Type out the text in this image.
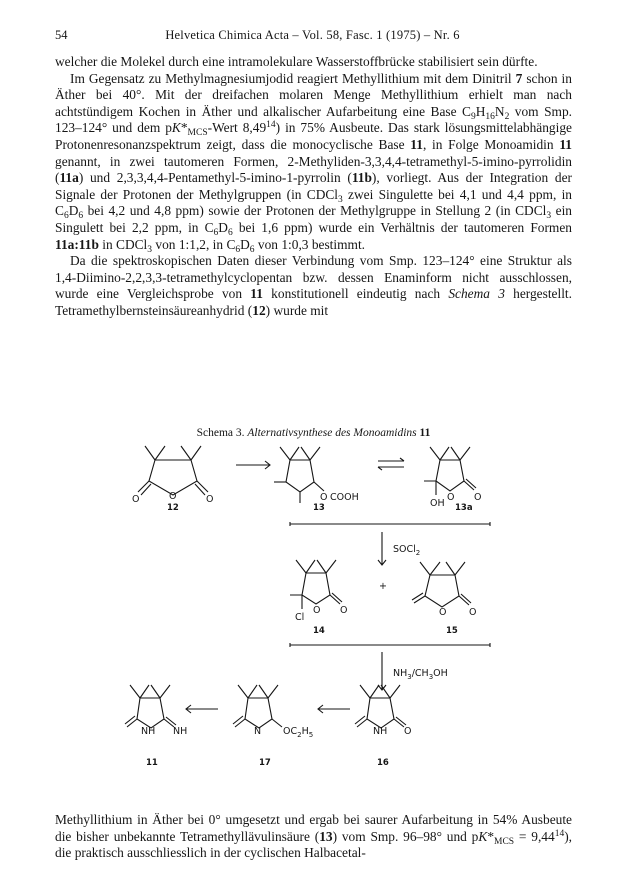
54	Helvetica Chimica Acta – Vol. 58, Fasc. 1 (1975) – Nr. 6

welcher die Molekel durch eine intramolekulare Wasserstoffbrücke stabilisiert sein dürfte.

Im Gegensatz zu Methylmagnesiumjodid reagiert Methyllithium mit dem Dinitril 7 schon in Äther bei 40°. Mit der dreifachen molaren Menge Methyllithium erhielt man nach achtstündigem Kochen in Äther und alkalischer Aufarbeitung eine Base $C_9H_{16}N_2$ vom Smp. 123–124° und dem $pK*_{MCS}$-Wert 8,49$^{14}$) in 75% Ausbeute. Das stark lösungsmittelabhängige Protonenresonanzspektrum zeigt, dass die monocyclische Base 11, in Folge Monoamidin 11 genannt, in zwei tautomeren Formen, 2-Methyliden-3,3,4,4-tetramethyl-5-imino-pyrrolidin (11a) und 2,3,3,4,4-Pentamethyl-5-imino-1-pyrrolin (11b), vorliegt. Aus der Integration der Signale der Protonen der Methylgruppen (in CDCl$_3$ zwei Singulette bei 4,1 und 4,4 ppm, in $C_6D_6$ bei 4,2 und 4,8 ppm) sowie der Protonen der Methylgruppe in Stellung 2 (in CDCl$_3$ ein Singulett bei 2,2 ppm, in $C_6D_6$ bei 1,6 ppm) wurde ein Verhältnis der tautomeren Formen 11a:11b in CDCl$_3$ von 1:1,2, in $C_6D_6$ von 1:0,3 bestimmt.

Da die spektroskopischen Daten dieser Verbindung vom Smp. 123–124° eine Struktur als 1,4-Diimino-2,2,3,3-tetramethylcyclopentan bzw. dessen Enaminform nicht ausschlossen, wurde eine Vergleichsprobe von 11 konstitutionell eindeutig nach Schema 3 hergestellt. Tetramethylbernsteinsäureanhydrid (12) wurde mit

Schema 3. Alternativsynthese des Monoamidins 11
O
O	O	O COOH	O O
OH
12	13	13a
SOCl2
O O
Cl
+
O O
14	15
NH3/CH3OH
NH O
N OC2H5
NH NH
11	17	16

Methyllithium in Äther bei 0° umgesetzt und ergab bei saurer Aufarbeitung in 54% Ausbeute die bisher unbekannte Tetramethyllävulinsäure (13) vom Smp. 96–98° und $pK*_{MCS} = 9,44^{14}$), die praktisch ausschliesslich in der cyclischen Halbacetal-
